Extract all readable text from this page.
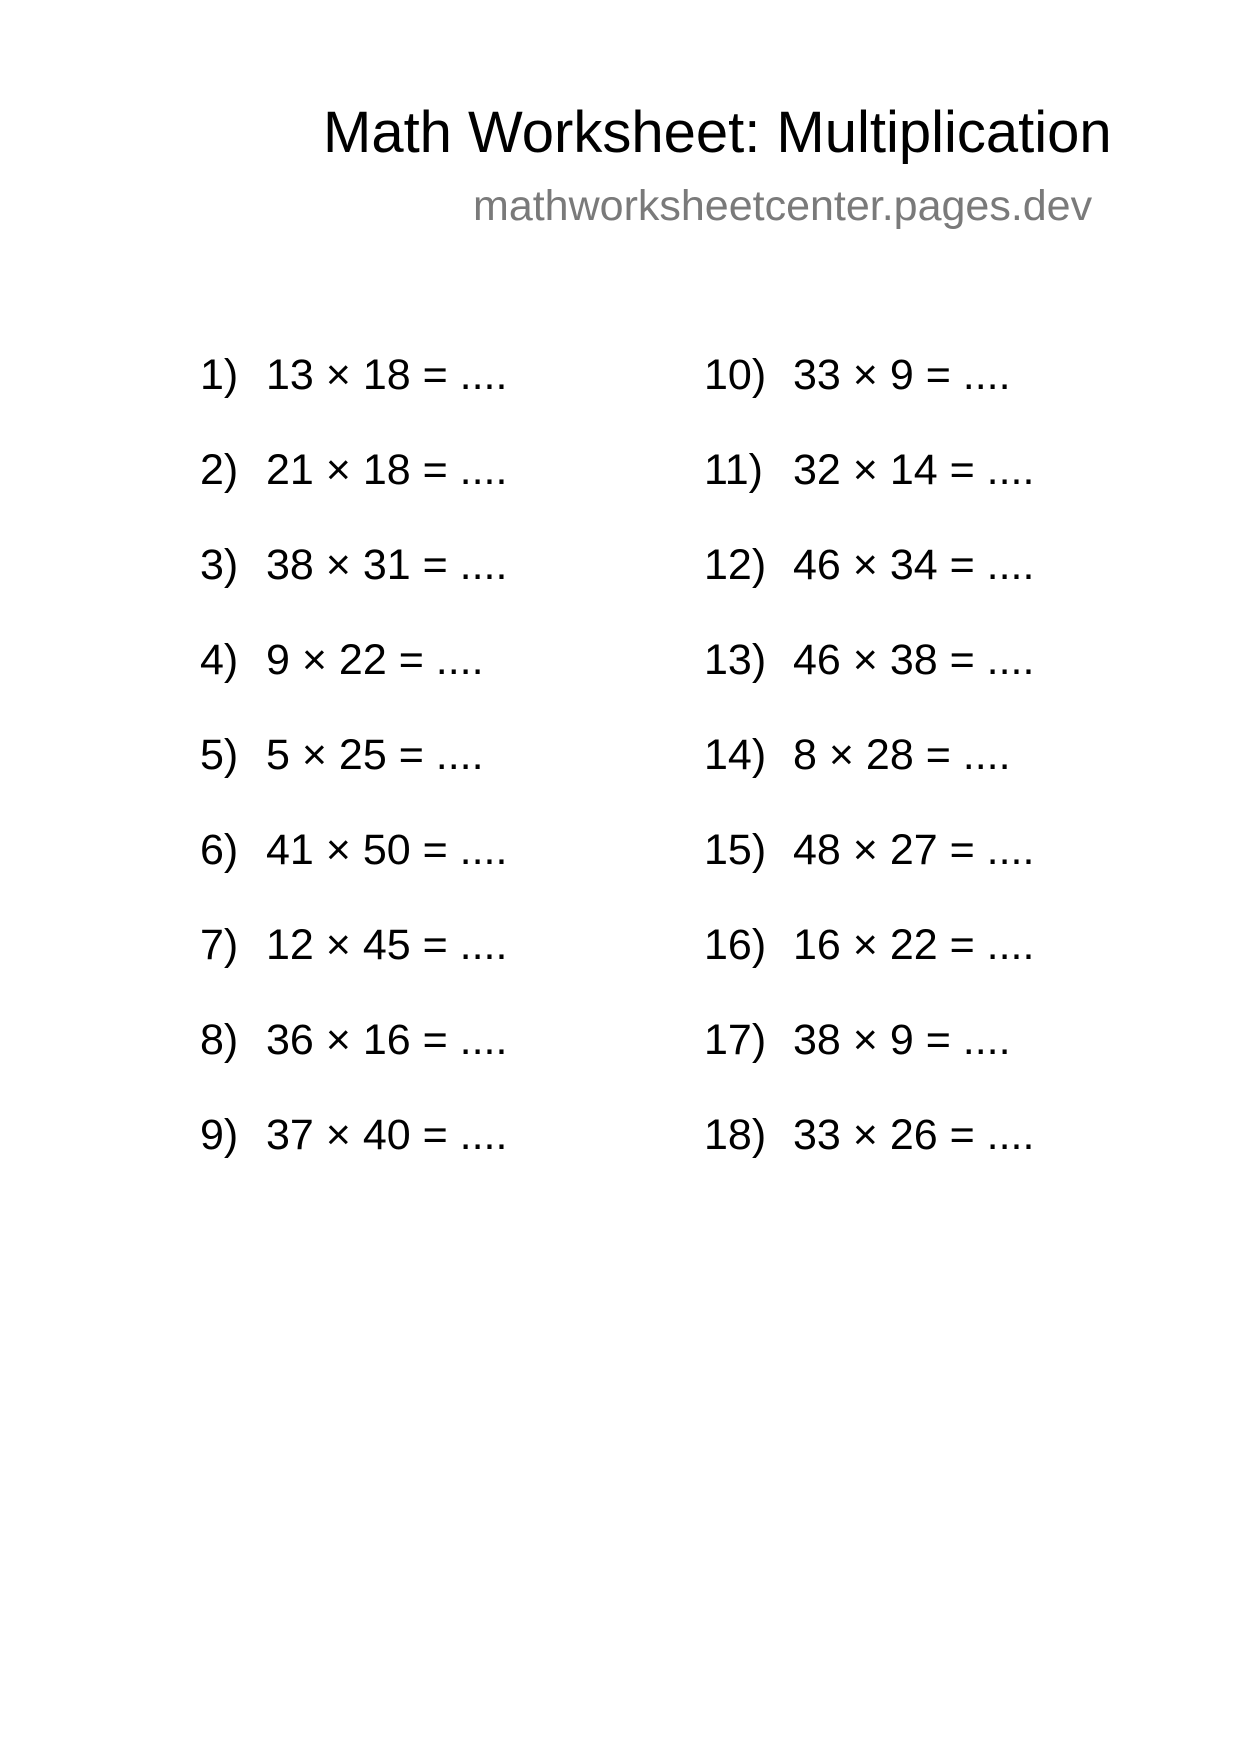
Math Worksheet: Multiplication
mathworksheetcenter.pages.dev
1) 13 × 18 = ....
2) 21 × 18 = ....
3) 38 × 31 = ....
4) 9 × 22 = ....
5) 5 × 25 = ....
6) 41 × 50 = ....
7) 12 × 45 = ....
8) 36 × 16 = ....
9) 37 × 40 = ....
10) 33 × 9 = ....
11) 32 × 14 = ....
12) 46 × 34 = ....
13) 46 × 38 = ....
14) 8 × 28 = ....
15) 48 × 27 = ....
16) 16 × 22 = ....
17) 38 × 9 = ....
18) 33 × 26 = ....
